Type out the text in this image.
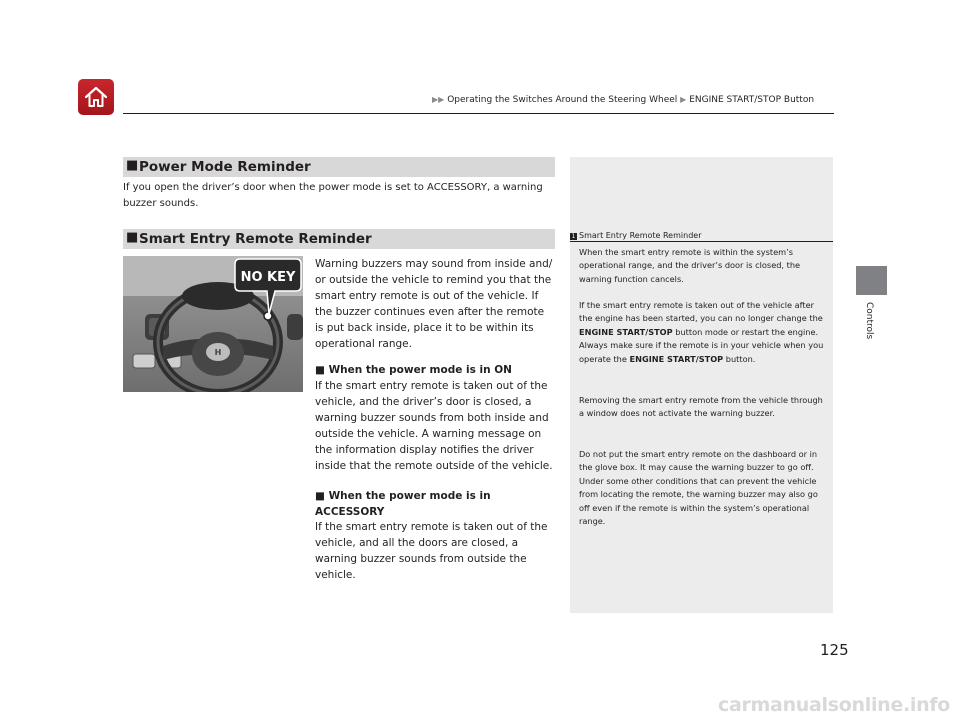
▶▶ Operating the Switches Around the Steering Wheel ▶ ENGINE START/STOP Button
Controls
■ Power Mode Reminder
If you open the driver’s door when the power mode is set to ACCESSORY, a warning buzzer sounds.
■ Smart Entry Remote Reminder
H
NO KEY
Warning buzzers may sound from inside and/ or outside the vehicle to remind you that the smart entry remote is out of the vehicle. If the buzzer continues even after the remote is put back inside, place it to be within its operational range.
■ When the power mode is in ON
If the smart entry remote is taken out of the vehicle, and the driver’s door is closed, a warning buzzer sounds from both inside and outside the vehicle. A warning message on the information display notifies the driver inside that the remote outside of the vehicle.
■ When the power mode is in ACCESSORY
If the smart entry remote is taken out of the vehicle, and all the doors are closed, a warning buzzer sounds from outside the vehicle.
1 Smart Entry Remote Reminder
When the smart entry remote is within the system’s operational range, and the driver’s door is closed, the warning function cancels.
If the smart entry remote is taken out of the vehicle after the engine has been started, you can no longer change the ENGINE START/STOP button mode or restart the engine. Always make sure if the remote is in your vehicle when you operate the ENGINE START/STOP button.
Removing the smart entry remote from the vehicle through a window does not activate the warning buzzer.
Do not put the smart entry remote on the dashboard or in the glove box. It may cause the warning buzzer to go off. Under some other conditions that can prevent the vehicle from locating the remote, the warning buzzer may also go off even if the remote is within the system’s operational range.
125
carmanualsonline.info
